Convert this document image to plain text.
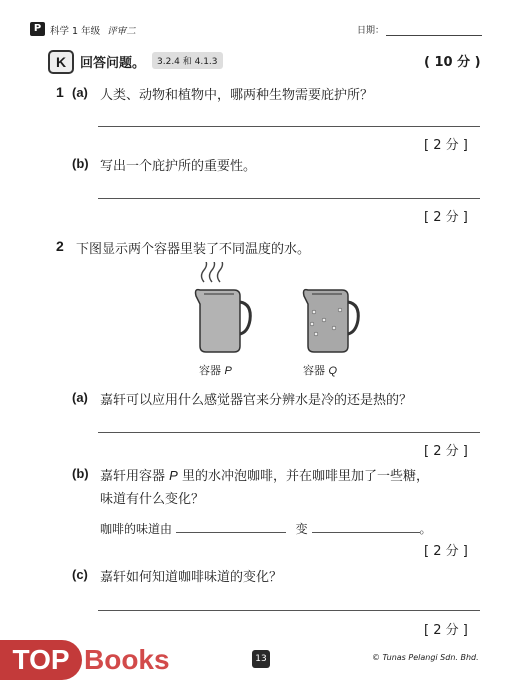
P 科学 1 年级 评审二	日期：
K	回答问题。	3.2.4 和 4.1.3	( 10 分 )
1 (a) 人类、动物和植物中，哪两种生物需要庇护所？
[ 2 分 ]
(b) 写出一个庇护所的重要性。
[ 2 分 ]
2 下图显示两个容器里装了不同温度的水。
容器 P	容器 Q
(a) 嘉轩可以应用什么感觉器官来分辨水是冷的还是热的？
[ 2 分 ]
(b) 嘉轩用容器 P 里的水冲泡咖啡，并在咖啡里加了一些糖，
味道有什么变化？
咖啡的味道由	变	。
[ 2 分 ]
(c) 嘉轩如何知道咖啡味道的变化？
[ 2 分 ]
13	© Tunas Pelangi Sdn. Bhd.
TOP Books
